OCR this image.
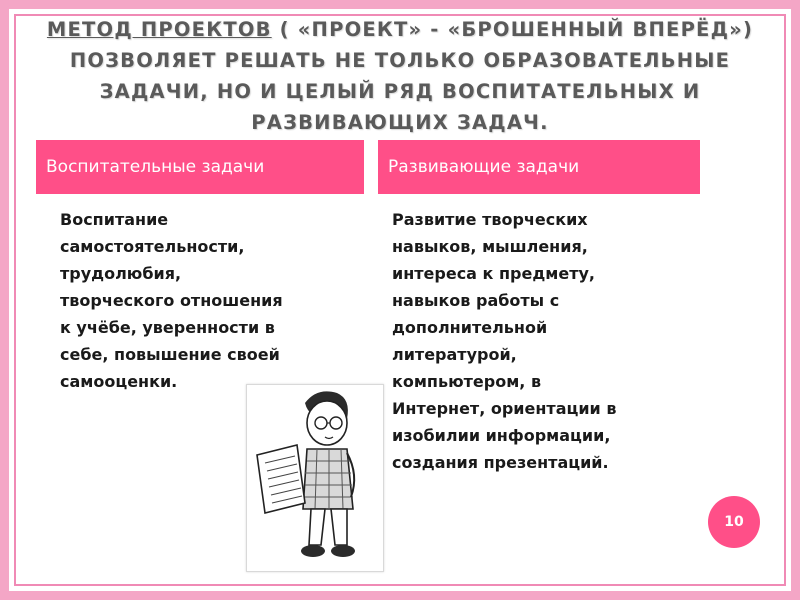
МЕТОД ПРОЕКТОВ ( «ПРОЕКТ» - «БРОШЕННЫЙ ВПЕРЁД») ПОЗВОЛЯЕТ РЕШАТЬ НЕ ТОЛЬКО ОБРАЗОВАТЕЛЬНЫЕ ЗАДАЧИ, НО И ЦЕЛЫЙ РЯД ВОСПИТАТЕЛЬНЫХ И РАЗВИВАЮЩИХ ЗАДАЧ.
Воспитательные задачи	Развивающие задачи
Воспитание
самостоятельности,
трудолюбия,
творческого отношения
к учёбе, уверенности в
себе, повышение своей
самооценки.
Развитие творческих
навыков, мышления,
интереса к предмету,
навыков работы с
дополнительной
литературой,
компьютером, в
Интернет, ориентации в
изобилии информации,
создания презентаций.
10
